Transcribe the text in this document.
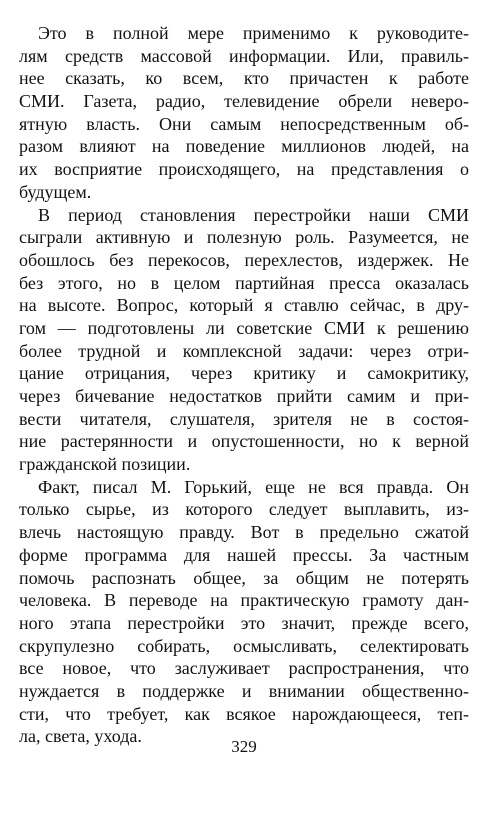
Это в полной мере применимо к руководите-
лям средств массовой информации. Или, правиль-
нее сказать, ко всем, кто причастен к работе
СМИ. Газета, радио, телевидение обрели неверо-
ятную власть. Они самым непосредственным об-
разом влияют на поведение миллионов людей, на
их восприятие происходящего, на представления о
будущем.
В период становления перестройки наши СМИ
сыграли активную и полезную роль. Разумеется, не
обошлось без перекосов, перехлестов, издержек. Не
без этого, но в целом партийная пресса оказалась
на высоте. Вопрос, который я ставлю сейчас, в дру-
гом — подготовлены ли советские СМИ к решению
более трудной и комплексной задачи: через отри-
цание отрицания, через критику и самокритику,
через бичевание недостатков прийти самим и при-
вести читателя, слушателя, зрителя не в состоя-
ние растерянности и опустошенности, но к верной
гражданской позиции.
Факт, писал М. Горький, еще не вся правда. Он
только сырье, из которого следует выплавить, из-
влечь настоящую правду. Вот в предельно сжатой
форме программа для нашей прессы. За частным
помочь распознать общее, за общим не потерять
человека. В переводе на практическую грамоту дан-
ного этапа перестройки это значит, прежде всего,
скрупулезно собирать, осмысливать, селектировать
все новое, что заслуживает распространения, что
нуждается в поддержке и внимании общественно-
сти, что требует, как всякое нарождающееся, теп-
ла, света, ухода.
329
